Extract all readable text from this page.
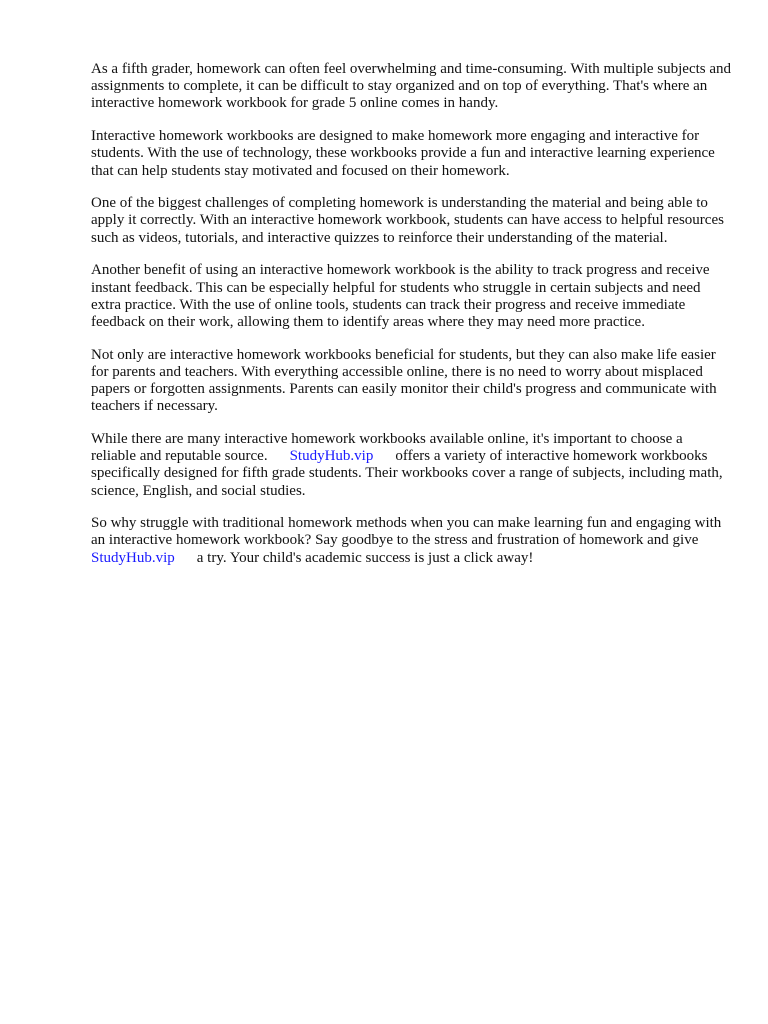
As a fifth grader, homework can often feel overwhelming and time-consuming. With multiple subjects and assignments to complete, it can be difficult to stay organized and on top of everything. That's where an interactive homework workbook for grade 5 online comes in handy.

Interactive homework workbooks are designed to make homework more engaging and interactive for students. With the use of technology, these workbooks provide a fun and interactive learning experience that can help students stay motivated and focused on their homework.

One of the biggest challenges of completing homework is understanding the material and being able to apply it correctly. With an interactive homework workbook, students can have access to helpful resources such as videos, tutorials, and interactive quizzes to reinforce their understanding of the material.

Another benefit of using an interactive homework workbook is the ability to track progress and receive instant feedback. This can be especially helpful for students who struggle in certain subjects and need extra practice. With the use of online tools, students can track their progress and receive immediate feedback on their work, allowing them to identify areas where they may need more practice.

Not only are interactive homework workbooks beneficial for students, but they can also make life easier for parents and teachers. With everything accessible online, there is no need to worry about misplaced papers or forgotten assignments. Parents can easily monitor their child's progress and communicate with teachers if necessary.

While there are many interactive homework workbooks available online, it's important to choose a reliable and reputable source. StudyHub.vip offers a variety of interactive homework workbooks specifically designed for fifth grade students. Their workbooks cover a range of subjects, including math, science, English, and social studies.

So why struggle with traditional homework methods when you can make learning fun and engaging with an interactive homework workbook? Say goodbye to the stress and frustration of homework and giveStudyHub.vip a try. Your child's academic success is just a click away!
